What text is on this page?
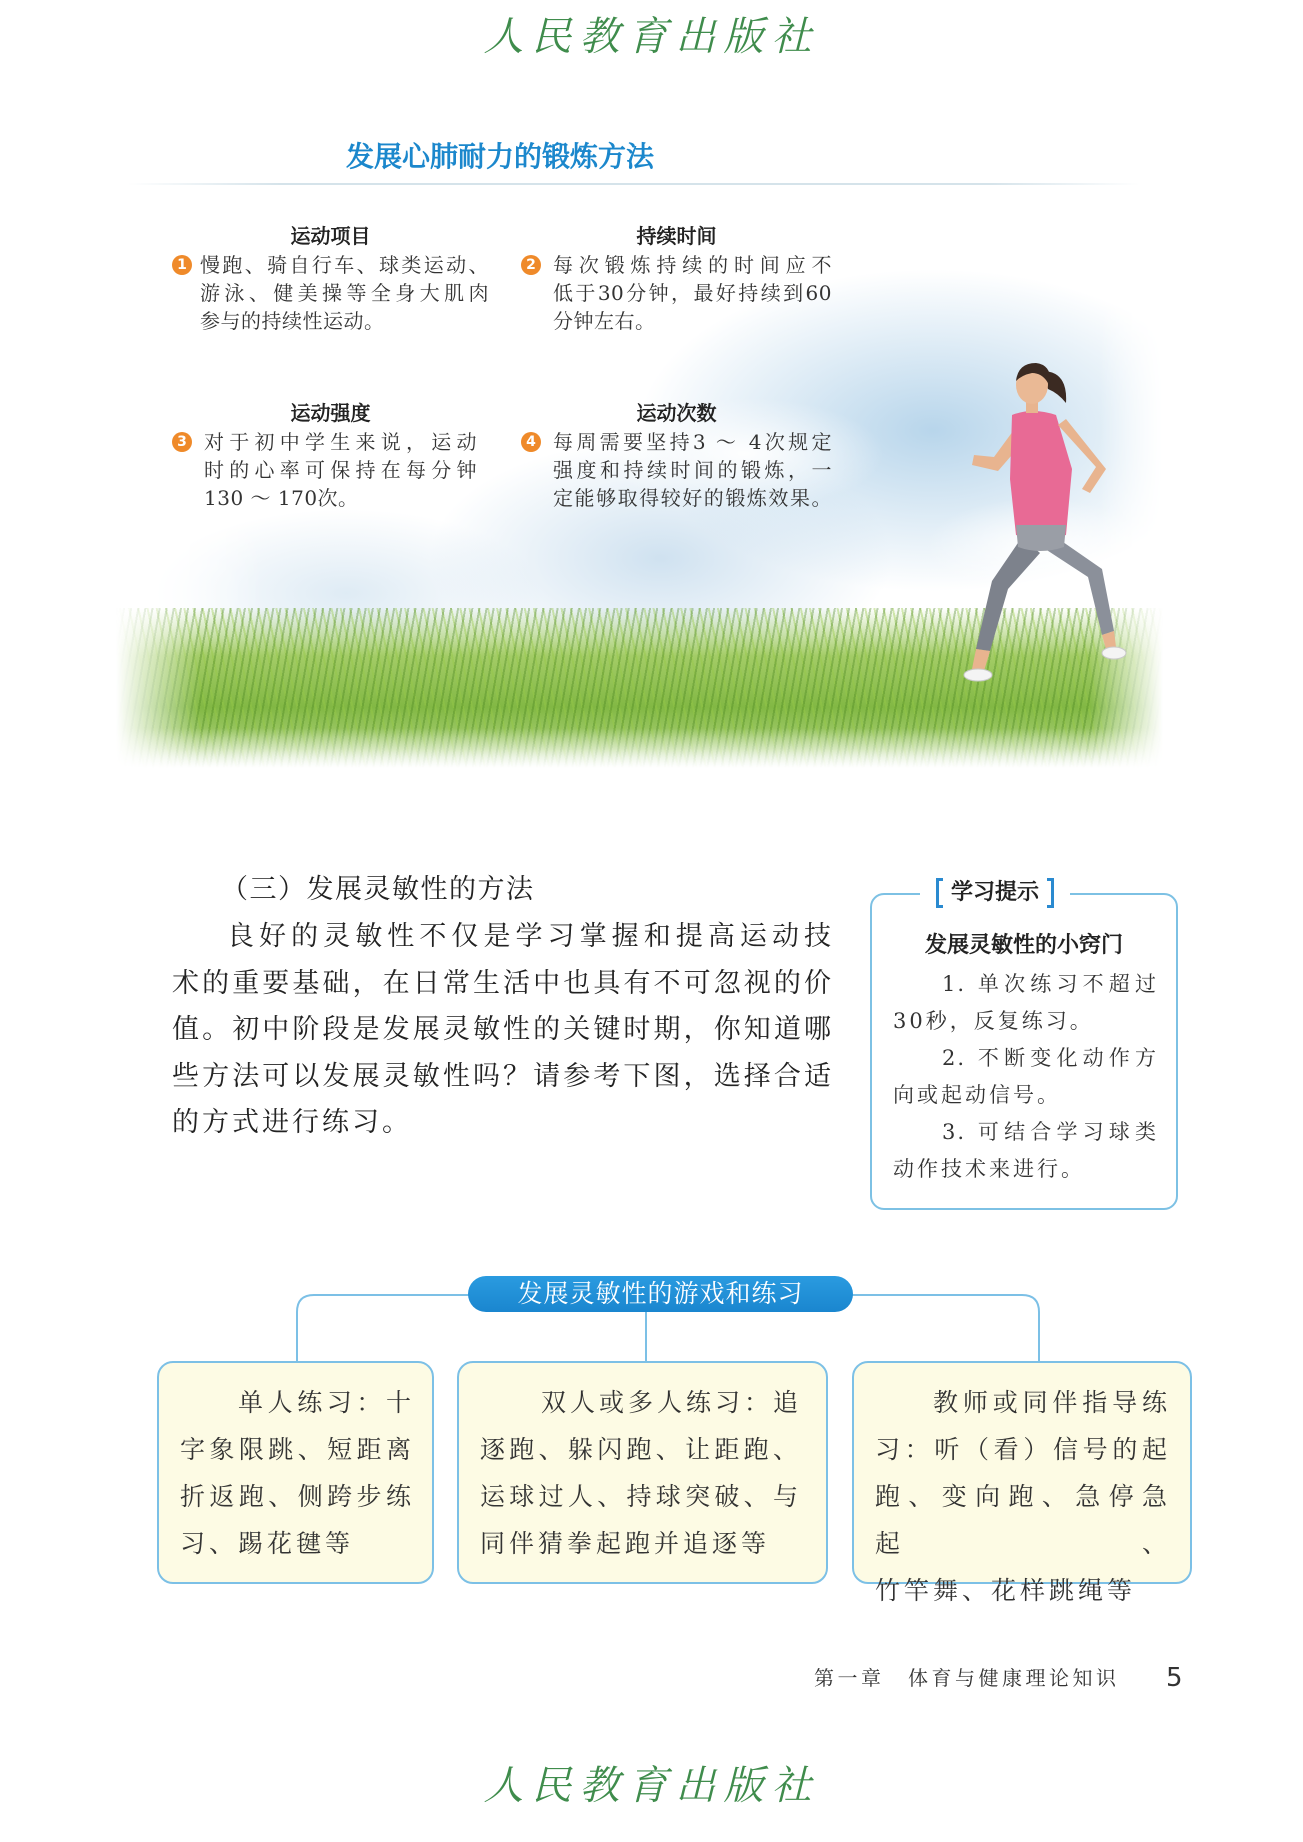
人民教育出版社
发展心肺耐力的锻炼方法
运动项目
1 慢跑、骑自行车、球类运动、
游泳、健美操等全身大肌肉
参与的持续性运动。
持续时间
2 每次锻炼持续的时间应不
低于30分钟，最好持续到60
分钟左右。
运动强度
3 对于初中学生来说，运动
时的心率可保持在每分钟
130 ～ 170次。
运动次数
4 每周需要坚持3 ～ 4次规定
强度和持续时间的锻炼，一
定能够取得较好的锻炼效果。
（三）发展灵敏性的方法
良好的灵敏性不仅是学习掌握和提高运动技
术的重要基础，在日常生活中也具有不可忽视的价
值。初中阶段是发展灵敏性的关键时期，你知道哪
些方法可以发展灵敏性吗？请参考下图，选择合适
的方式进行练习。
学习提示
发展灵敏性的小窍门
1. 单次练习不超过
30秒，反复练习。
2. 不断变化动作方
向或起动信号。
3. 可结合学习球类
动作技术来进行。
发展灵敏性的游戏和练习
单人练习：十
字象限跳、短距离
折返跑、侧跨步练
习、踢花毽等
双人或多人练习：追
逐跑、躲闪跑、让距跑、
运球过人、持球突破、与
同伴猜拳起跑并追逐等
教师或同伴指导练
习：听（看）信号的起
跑、变向跑、急停急起、
竹竿舞、花样跳绳等
第一章　体育与健康理论知识 5
人民教育出版社
